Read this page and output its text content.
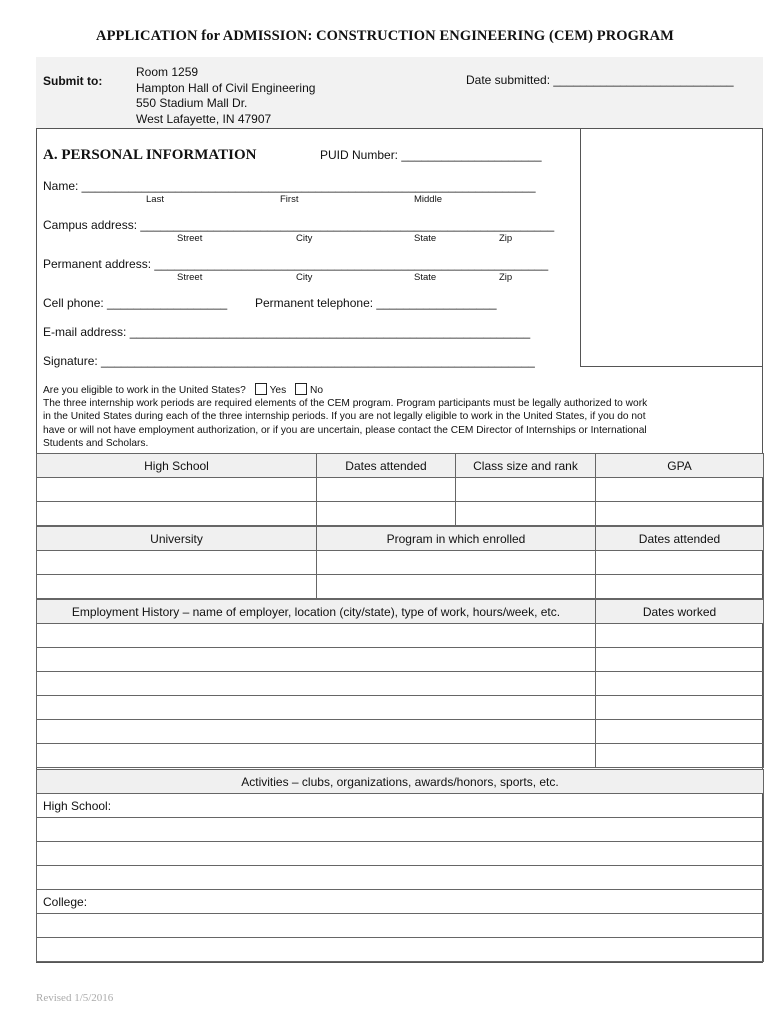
APPLICATION for ADMISSION: CONSTRUCTION ENGINEERING (CEM) PROGRAM
Submit to:
Room 1259
Hampton Hall of Civil Engineering
550 Stadium Mall Dr.
West Lafayette, IN 47907
Date submitted: ___________________________
A. PERSONAL INFORMATION	PUID Number: _____________________
Name: ____________________________________________________________________
Last	First	Middle
Campus address: ______________________________________________________________
Street	City	State	Zip
Permanent address: ___________________________________________________________
Street	City	State	Zip
Cell phone: __________________ Permanent telephone: __________________
E-mail address: ____________________________________________________________
Signature: _________________________________________________________________
Are you eligible to work in the United States? Yes No
The three internship work periods are required elements of the CEM program. Program participants must be legally authorized to work
in the United States during each of the three internship periods. If you are not legally eligible to work in the United States, if you do not
have or will not have employment authorization, or if you are uncertain, please contact the CEM Director of Internships or International
Students and Scholars.
High School	Dates attended	Class size and rank	GPA

University	Program in which enrolled	Dates attended

Employment History – name of employer, location (city/state), type of work, hours/week, etc.	Dates worked

Activities – clubs, organizations, awards/honors, sports, etc.
High School:

College:

Revised 1/5/2016
